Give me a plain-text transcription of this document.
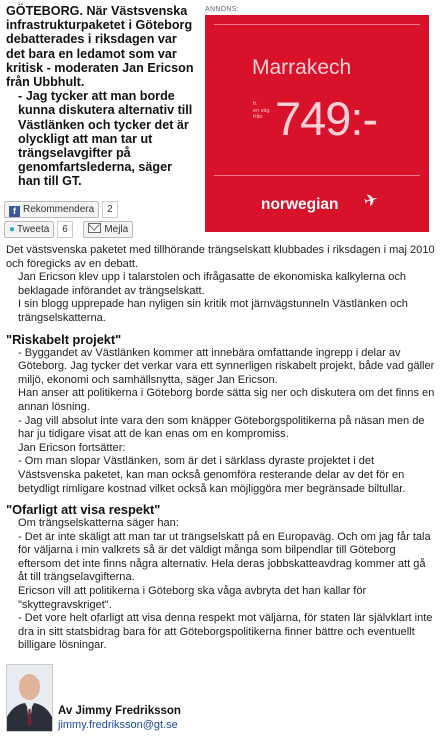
GÖTEBORG. När Västsvenska infrastrukturpaketet i Göteborg debatterades i riksdagen var det bara en ledamot som var kritisk - moderaten Jan Ericson från Ubbhult.

- Jag tycker att man borde kunna diskutera alternativ till Västlänken och tycker det är olyckligt att man tar ut trängselavgifter på genomfartslederna, säger han till GT.

f Rekommendera 2
● Tweeta 6	Mejla
ANNONS:
Marrakech
fr.
en väg
från 749:-
norwegian ✈

Det västsvenska paketet med tillhörande trängselskatt klubbades i riksdagen i maj 2010 och föregicks av en debatt.

Jan Ericson klev upp i talarstolen och ifrågasatte de ekonomiska kalkylerna och beklagade införandet av trängselskatt.

I sin blogg upprepade han nyligen sin kritik mot järnvägstunneln Västlänken och trängselskatterna.

"Riskabelt projekt"

- Byggandet av Västlänken kommer att innebära omfattande ingrepp i delar av Göteborg. Jag tycker det verkar vara ett synnerligen riskabelt projekt, både vad gäller miljö, ekonomi och samhällsnytta, säger Jan Ericson.

Han anser att politikerna i Göteborg borde sätta sig ner och diskutera om det finns en annan lösning.

- Jag vill absolut inte vara den som knäpper Göteborgspolitikerna på näsan men de har ju tidigare visat att de kan enas om en kompromiss.

Jan Ericson fortsätter:

- Om man slopar Västlänken, som är det i särklass dyraste projektet i det Västsvenska paketet, kan man också genomföra resterande delar av det för en betydligt rimligare kostnad vilket också kan möjliggöra mer begränsade biltullar.

"Ofarligt att visa respekt"

Om trängselskatterna säger han:

- Det är inte skäligt att man tar ut trängselskatt på en Europaväg. Och om jag får tala för väljarna i min valkrets så är det väldigt många som bilpendlar till Göteborg eftersom det inte finns några alternativ. Hela deras jobbskatteavdrag kommer att gå åt till trängselavgifterna.

Ericson vill att politikerna i Göteborg ska våga avbryta det han kallar för "skyttegravskriget".

- Det vore helt ofarligt att visa denna respekt mot väljarna, för staten lär självklart inte dra in sitt statsbidrag bara för att Göteborgspolitikerna finner bättre och eventuellt billigare lösningar.

Av Jimmy Fredriksson
jimmy.fredriksson@gt.se
